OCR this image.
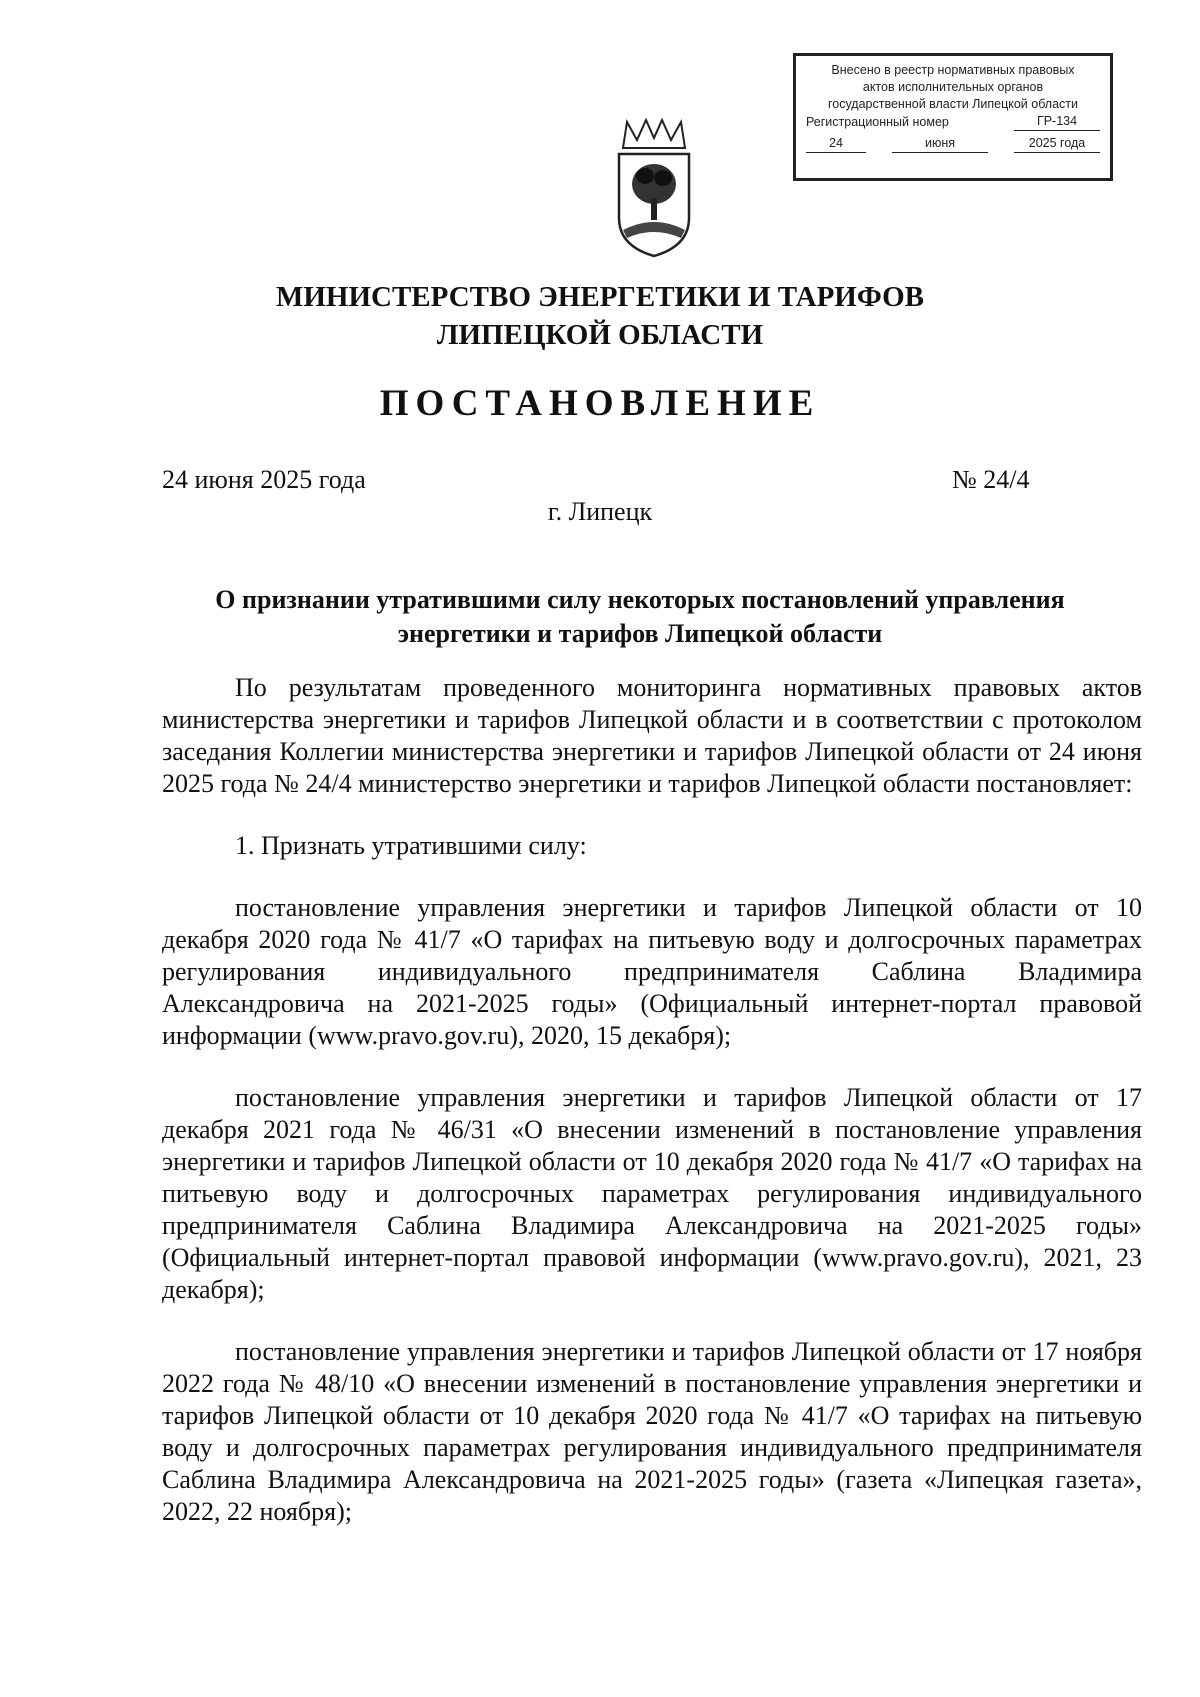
Внесено в реестр нормативных правовых
актов исполнительных органов
государственной власти Липецкой области
Регистрационный номер	ГР-134
24	июня	2025 года
МИНИСТЕРСТВО ЭНЕРГЕТИКИ И ТАРИФОВ
ЛИПЕЦКОЙ ОБЛАСТИ
ПОСТАНОВЛЕНИЕ
24 июня 2025 года	№ 24/4
г. Липецк
О признании утратившими силу некоторых постановлений управления
энергетики и тарифов Липецкой области

По результатам проведенного мониторинга нормативных правовых актов министерства энергетики и тарифов Липецкой области и в соответствии с протоколом заседания Коллегии министерства энергетики и тарифов Липецкой области от 24 июня 2025 года № 24/4 министерство энергетики и тарифов Липецкой области постановляет:

1. Признать утратившими силу:

постановление управления энергетики и тарифов Липецкой области от 10 декабря 2020 года № 41/7 «О тарифах на питьевую воду и долгосрочных параметрах регулирования индивидуального предпринимателя Саблина Владимира Александровича на 2021-2025 годы» (Официальный интернет-портал правовой информации (www.pravo.gov.ru), 2020, 15 декабря);

постановление управления энергетики и тарифов Липецкой области от 17 декабря 2021 года № 46/31 «О внесении изменений в постановление управления энергетики и тарифов Липецкой области от 10 декабря 2020 года № 41/7 «О тарифах на питьевую воду и долгосрочных параметрах регулирования индивидуального предпринимателя Саблина Владимира Александровича на 2021-2025 годы» (Официальный интернет-портал правовой информации (www.pravo.gov.ru), 2021, 23 декабря);

постановление управления энергетики и тарифов Липецкой области от 17 ноября 2022 года № 48/10 «О внесении изменений в постановление управления энергетики и тарифов Липецкой области от 10 декабря 2020 года № 41/7 «О тарифах на питьевую воду и долгосрочных параметрах регулирования индивидуального предпринимателя Саблина Владимира Александровича на 2021-2025 годы» (газета «Липецкая газета», 2022, 22 ноября);
